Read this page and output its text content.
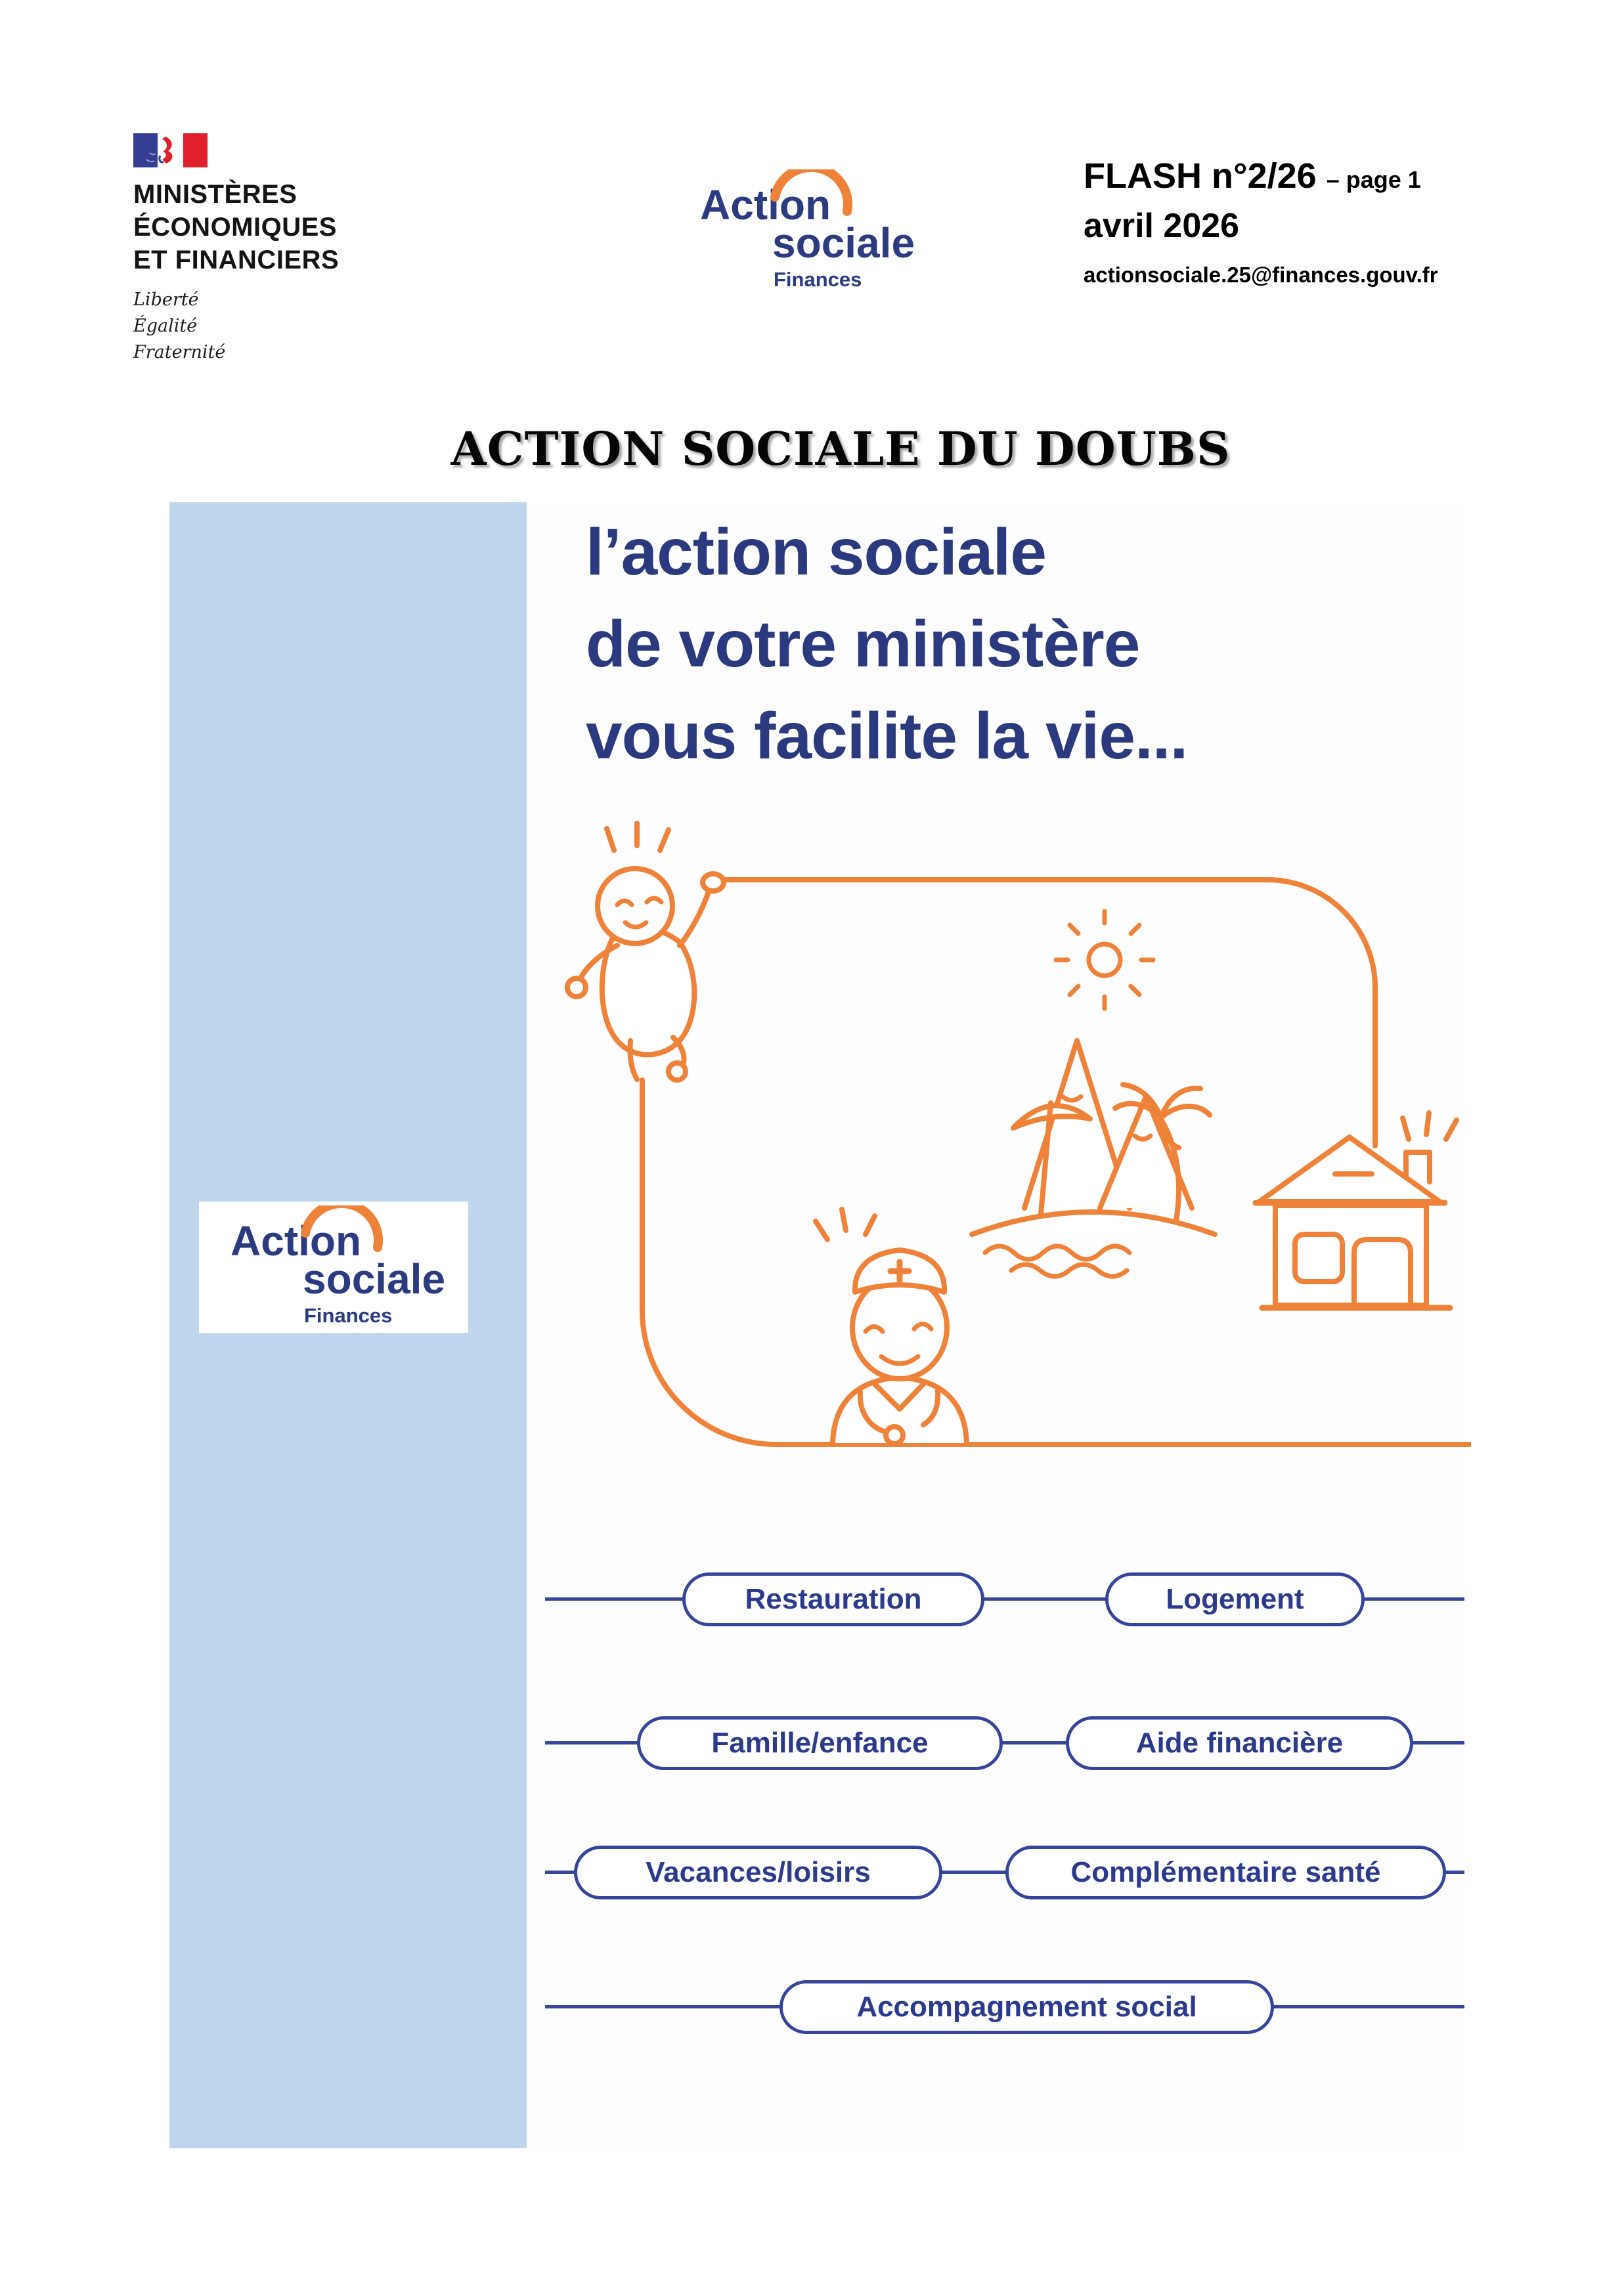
MINISTÈRES
ÉCONOMIQUES
ET FINANCIERS
Liberté
Égalité
Fraternité
Action
sociale
Finances
FLASH n°2/26 – page 1
avril 2026
actionsociale.25@finances.gouv.fr
ACTION SOCIALE DU DOUBS
Action
sociale
Finances
l’action sociale
de votre ministère
vous facilite la vie...
Restauration	Logement
Famille/enfance	Aide financière
Vacances/loisirs	Complémentaire santé
Accompagnement social
